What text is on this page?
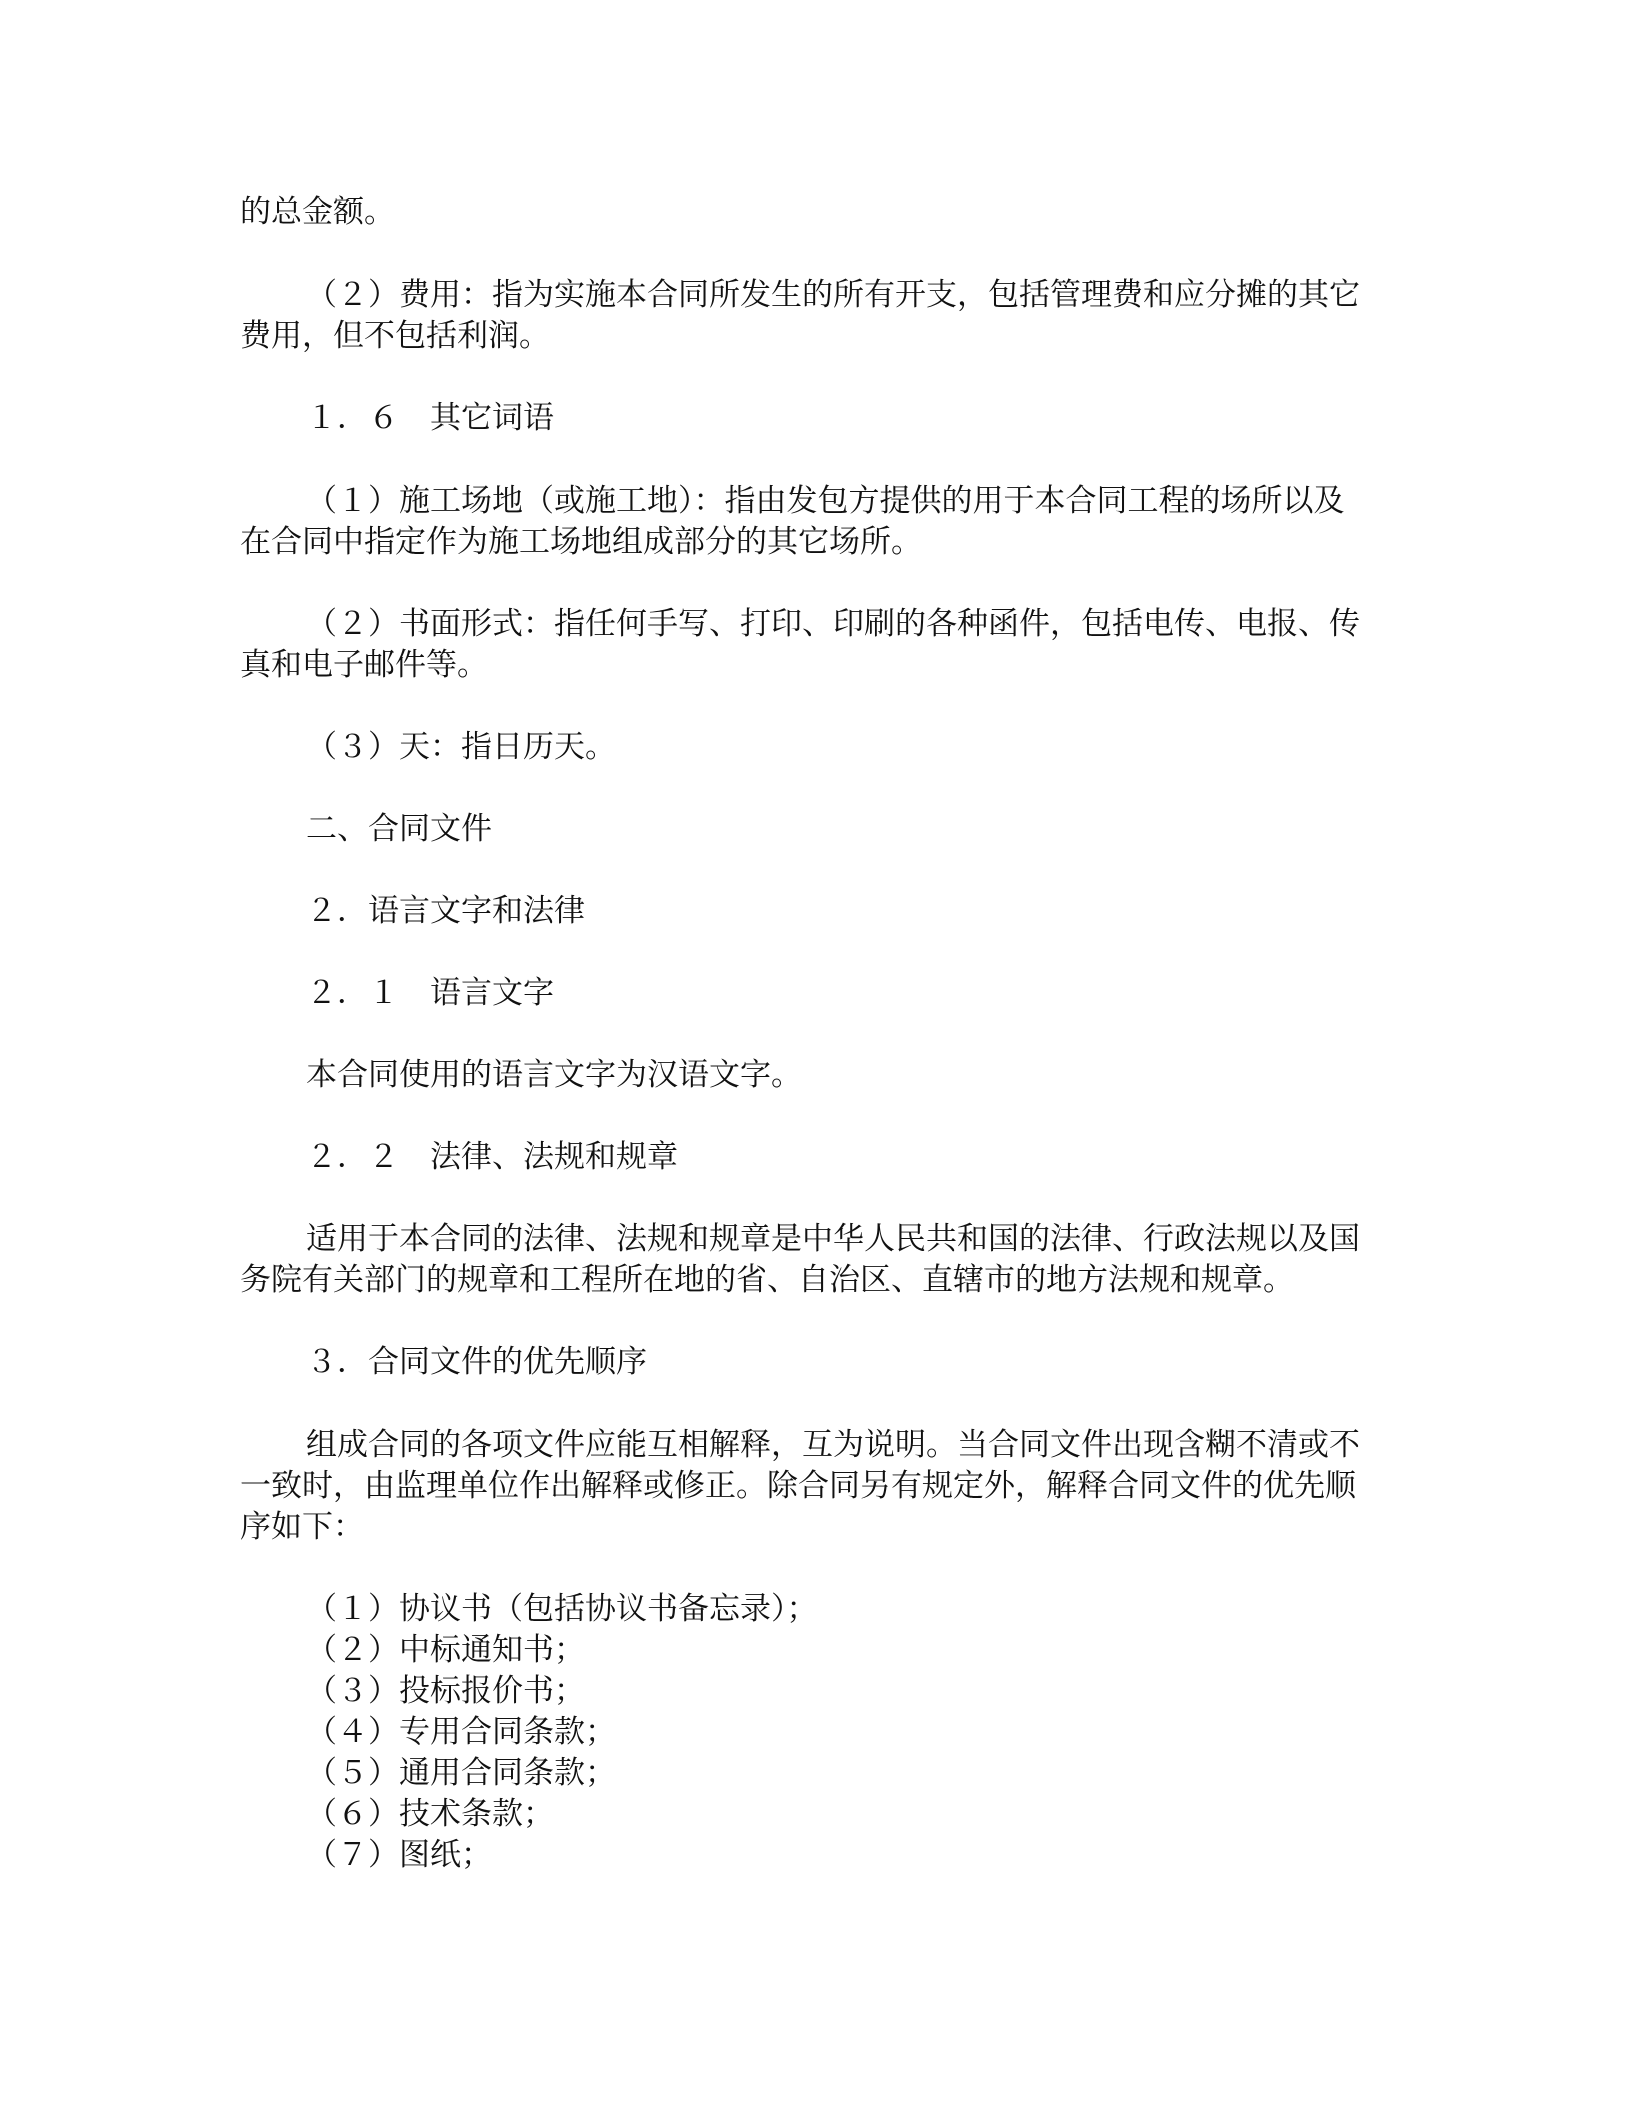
的总金额。
（２）费用：指为实施本合同所发生的所有开支，包括管理费和应分摊的其它
费用，但不包括利润。
１．６　其它词语
（１）施工场地（或施工地）：指由发包方提供的用于本合同工程的场所以及
在合同中指定作为施工场地组成部分的其它场所。
（２）书面形式：指任何手写、打印、印刷的各种函件，包括电传、电报、传
真和电子邮件等。
（３）天：指日历天。
二、合同文件
２．语言文字和法律
２．１　语言文字
本合同使用的语言文字为汉语文字。
２．２　法律、法规和规章
适用于本合同的法律、法规和规章是中华人民共和国的法律、行政法规以及国
务院有关部门的规章和工程所在地的省、自治区、直辖市的地方法规和规章。
３．合同文件的优先顺序
组成合同的各项文件应能互相解释，互为说明。当合同文件出现含糊不清或不
一致时，由监理单位作出解释或修正。除合同另有规定外，解释合同文件的优先顺
序如下：
（１）协议书（包括协议书备忘录）；
（２）中标通知书；
（３）投标报价书；
（４）专用合同条款；
（５）通用合同条款；
（６）技术条款；
（７）图纸；
